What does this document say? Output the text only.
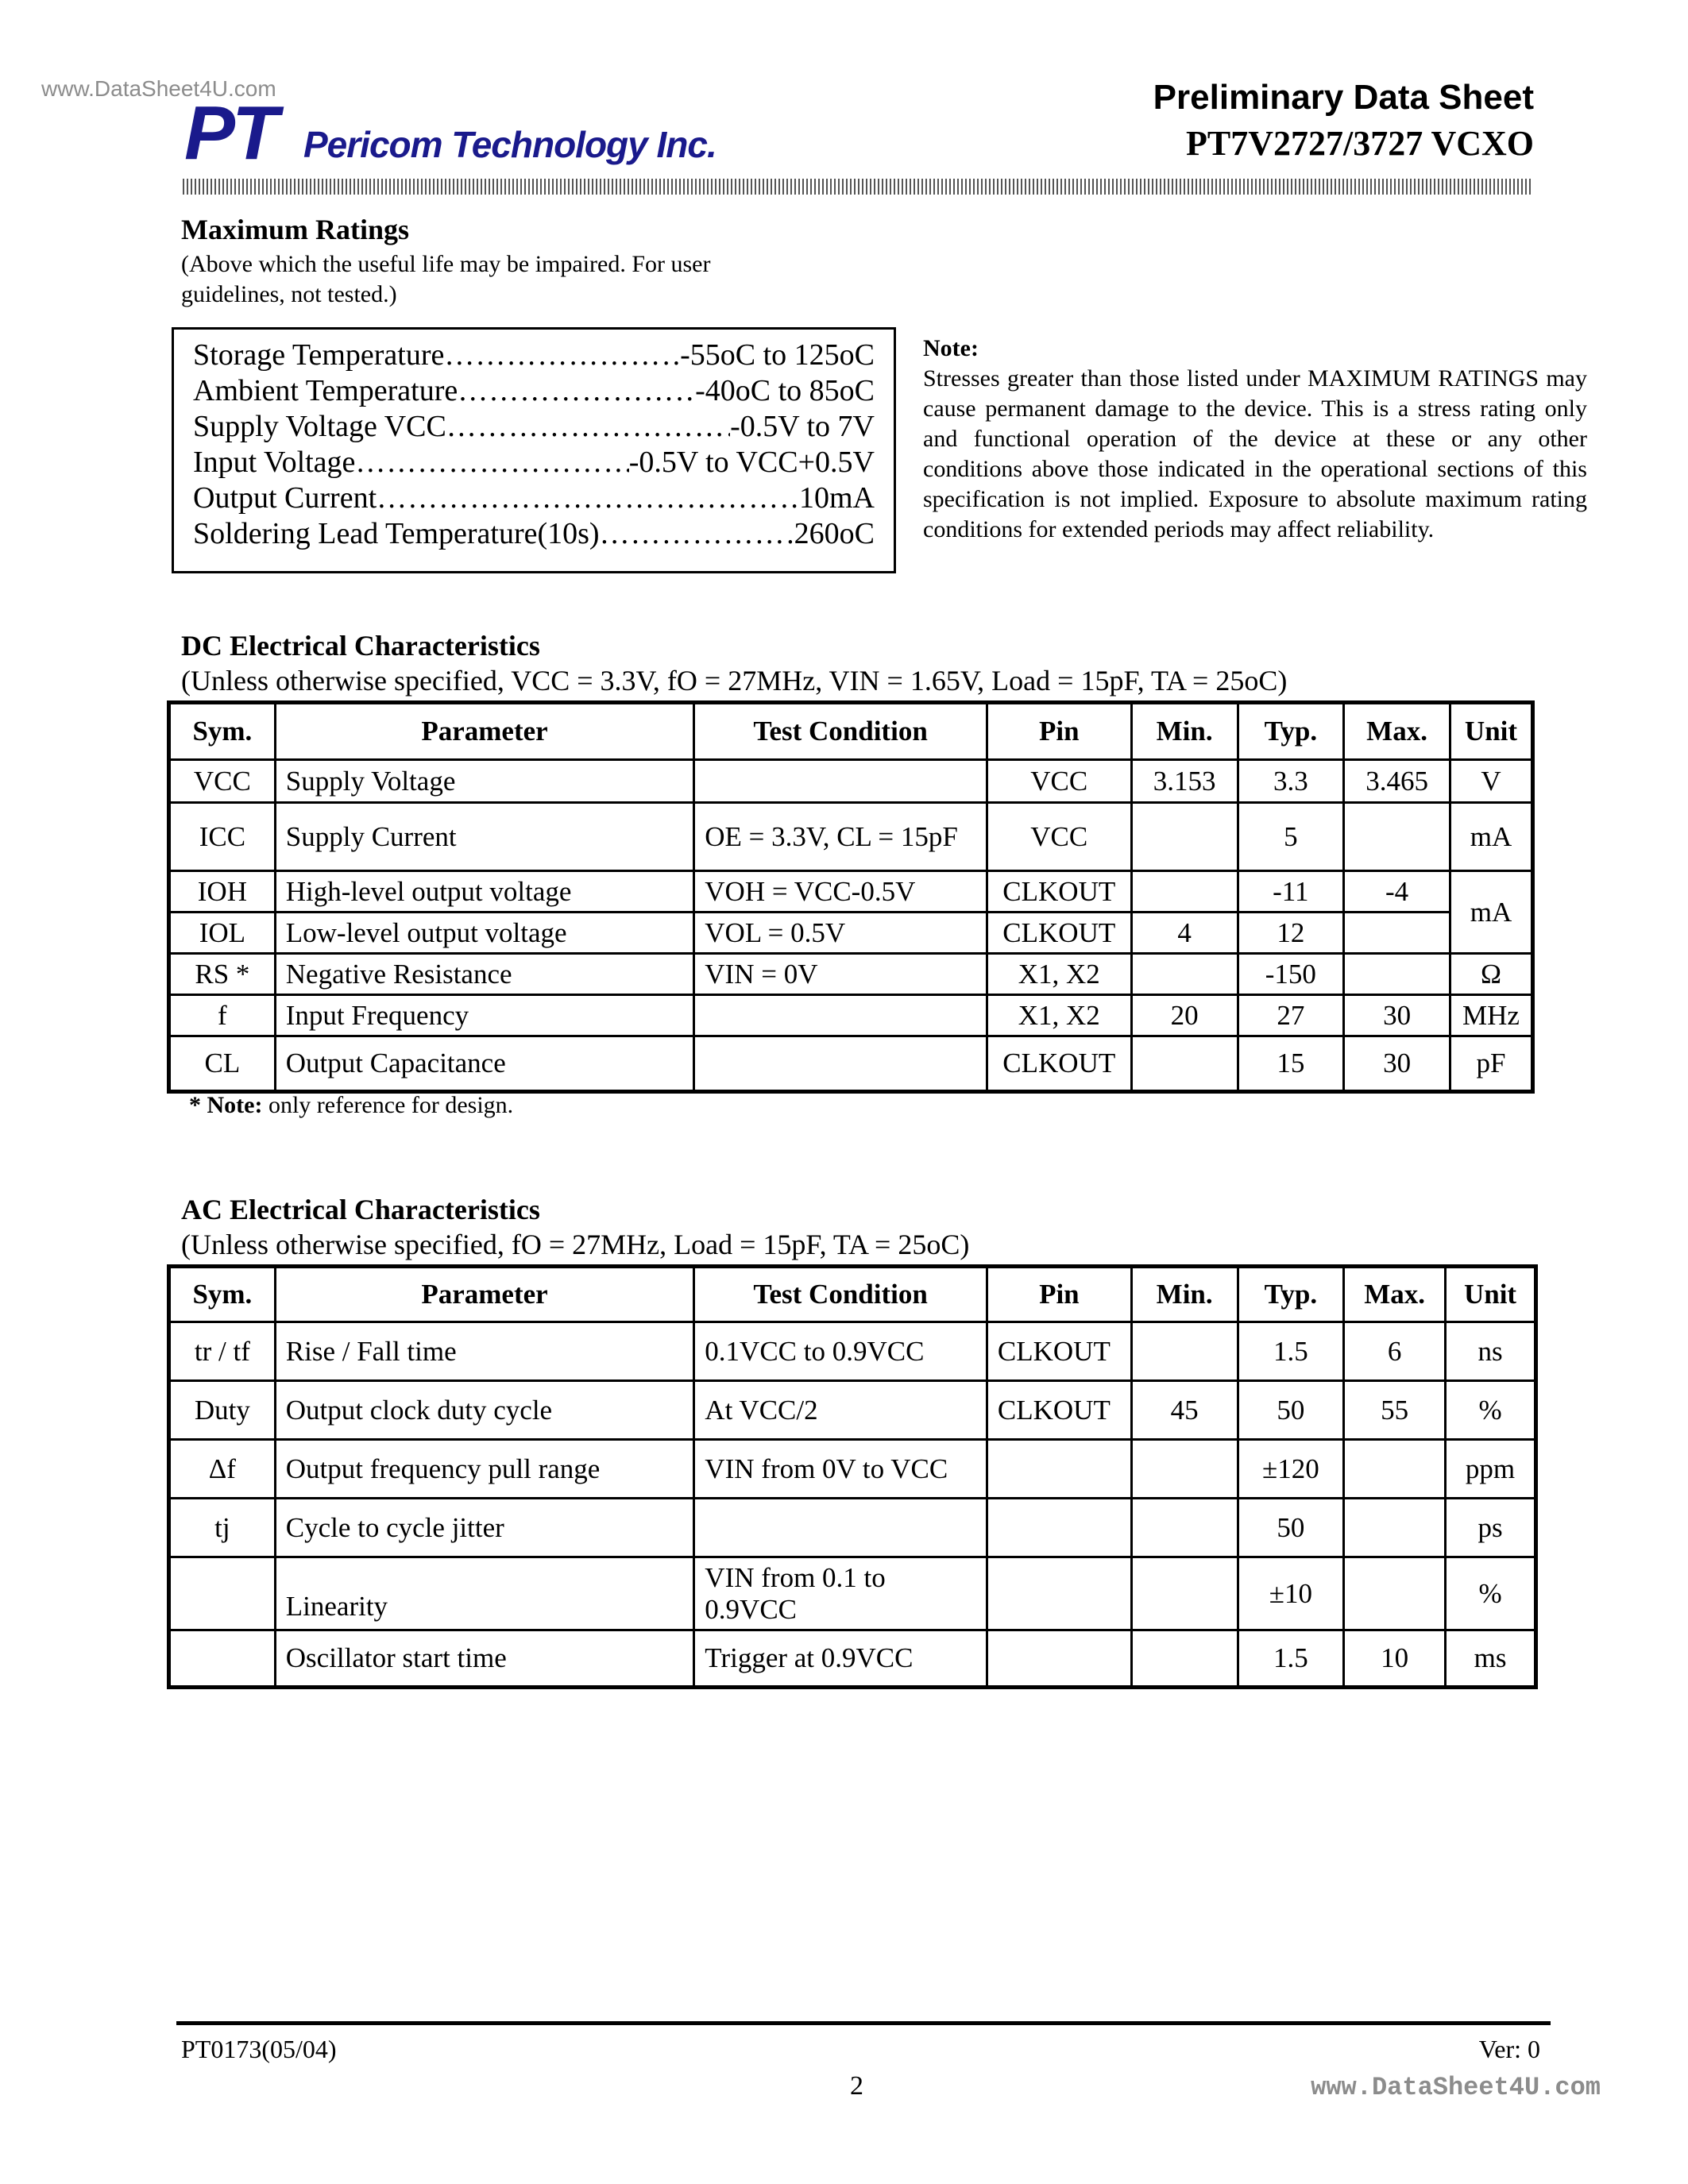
www.DataSheet4U.com
PT Pericom Technology Inc.
Preliminary Data Sheet
PT7V2727/3727 VCXO
Maximum Ratings
(Above which the useful life may be impaired. For user
guidelines, not tested.)
Storage Temperature …………………………………………………………………………	-55oC to 125oC
Ambient Temperature …………………………………………………………………………	-40oC to 85oC
Supply Voltage VCC …………………………………………………………………………	-0.5V to 7V
Input Voltage …………………………………………………………………………	-0.5V to VCC+0.5V
Output Current …………………………………………………………………………	10mA
Soldering Lead Temperature(10s) …………………………………………………………………………	260oC
Note:
Stresses greater than those listed under MAXIMUM RATINGS may cause permanent damage to the device. This is a stress rating only and functional operation of the device at these or any other conditions above those indicated in the operational sections of this specification is not implied. Exposure to absolute maximum rating conditions for extended periods may affect reliability.
DC Electrical Characteristics
(Unless otherwise specified, VCC = 3.3V, fO = 27MHz, VIN = 1.65V, Load = 15pF, TA = 25oC)
Sym.	Parameter	Test Condition	Pin	Min.	Typ.	Max.	Unit
VCC	Supply Voltage		VCC	3.153	3.3	3.465	V
ICC	Supply Current	OE = 3.3V, CL = 15pF	VCC		5		mA
IOH	High-level output voltage	VOH = VCC-0.5V	CLKOUT		-11	-4	mA
IOL	Low-level output voltage	VOL = 0.5V	CLKOUT	4	12		
RS *	Negative Resistance	VIN = 0V	X1, X2		-150		Ω
f	Input Frequency		X1, X2	20	27	30	MHz
CL	Output Capacitance		CLKOUT		15	30	pF
* Note: only reference for design.
AC Electrical Characteristics
(Unless otherwise specified, fO = 27MHz, Load = 15pF, TA = 25oC)
Sym.	Parameter	Test Condition	Pin	Min.	Typ.	Max.	Unit
tr / tf	Rise / Fall time	0.1VCC to 0.9VCC	CLKOUT		1.5	6	ns
Duty	Output clock duty cycle	At VCC/2	CLKOUT	45	50	55	%
Δf	Output frequency pull range	VIN from 0V to VCC			±120		ppm
tj	Cycle to cycle jitter				50		ps
	Linearity	VIN from 0.1 to 0.9VCC			±10		%
	Oscillator start time	Trigger at 0.9VCC			1.5	10	ms
PT0173(05/04)	Ver: 0
2	www.DataSheet4U.com
